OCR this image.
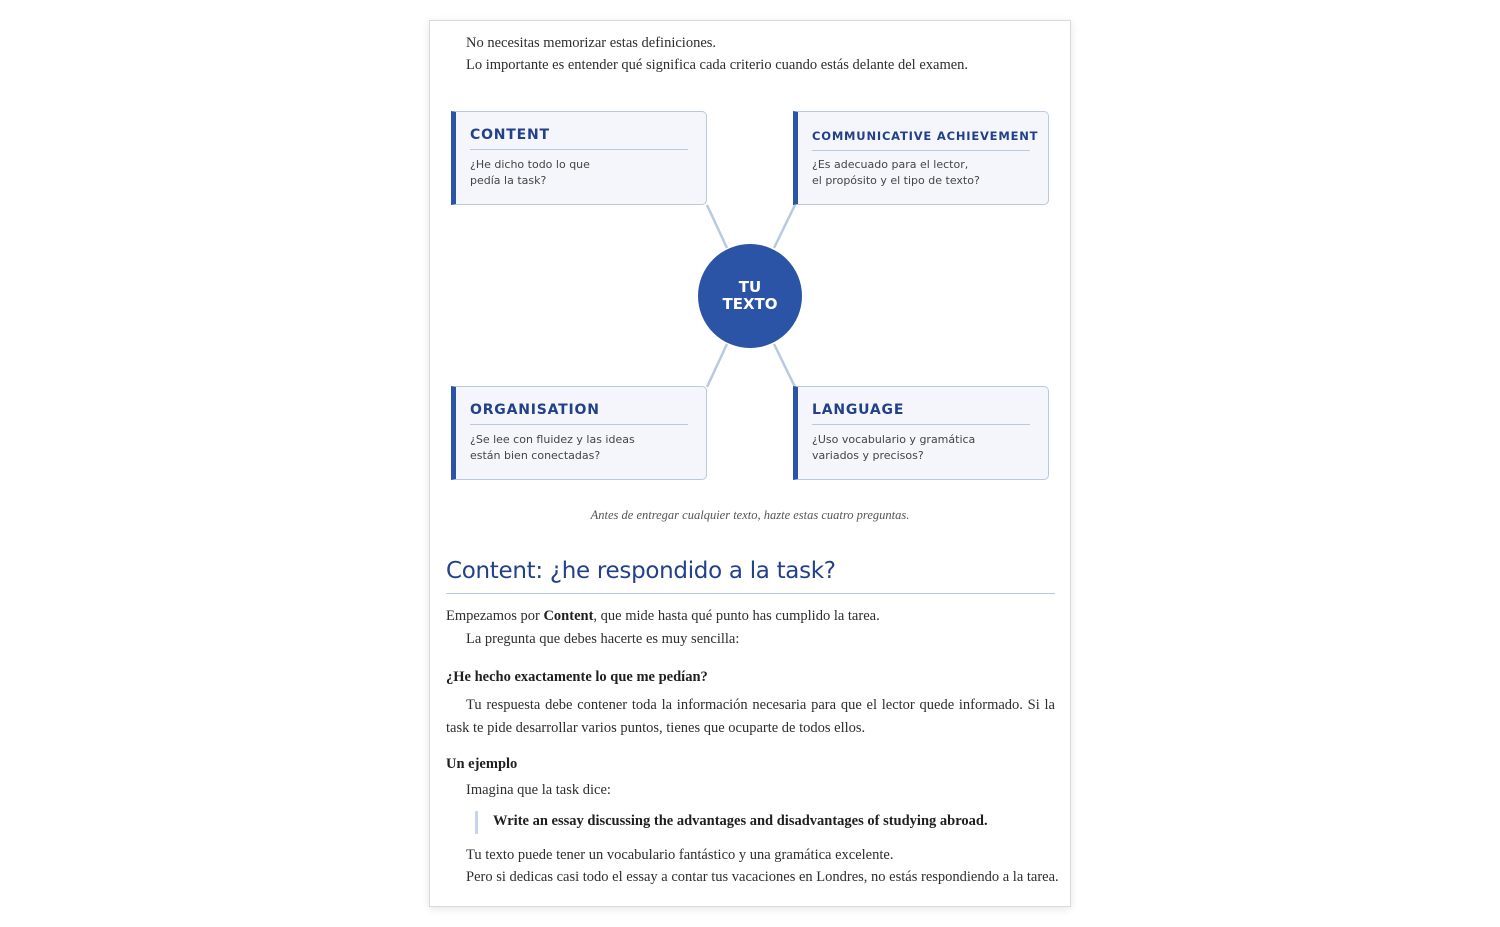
No necesitas memorizar estas definiciones.
Lo importante es entender qué significa cada criterio cuando estás delante del examen.
CONTENT
¿He dicho todo lo que
pedía la task?
COMMUNICATIVE ACHIEVEMENT
¿Es adecuado para el lector,
el propósito y el tipo de texto?
TU
TEXTO
ORGANISATION
¿Se lee con fluidez y las ideas
están bien conectadas?
LANGUAGE
¿Uso vocabulario y gramática
variados y precisos?
Antes de entregar cualquier texto, hazte estas cuatro preguntas.
Content: ¿he respondido a la task?
Empezamos por Content, que mide hasta qué punto has cumplido la tarea.
La pregunta que debes hacerte es muy sencilla:
¿He hecho exactamente lo que me pedían?
Tu respuesta debe contener toda la información necesaria para que el lector quede informado. Si la task te pide desarrollar varios puntos, tienes que ocuparte de todos ellos.
Un ejemplo
Imagina que la task dice:
Write an essay discussing the advantages and disadvantages of studying abroad.
Tu texto puede tener un vocabulario fantástico y una gramática excelente.
Pero si dedicas casi todo el essay a contar tus vacaciones en Londres, no estás respondiendo a la tarea.
